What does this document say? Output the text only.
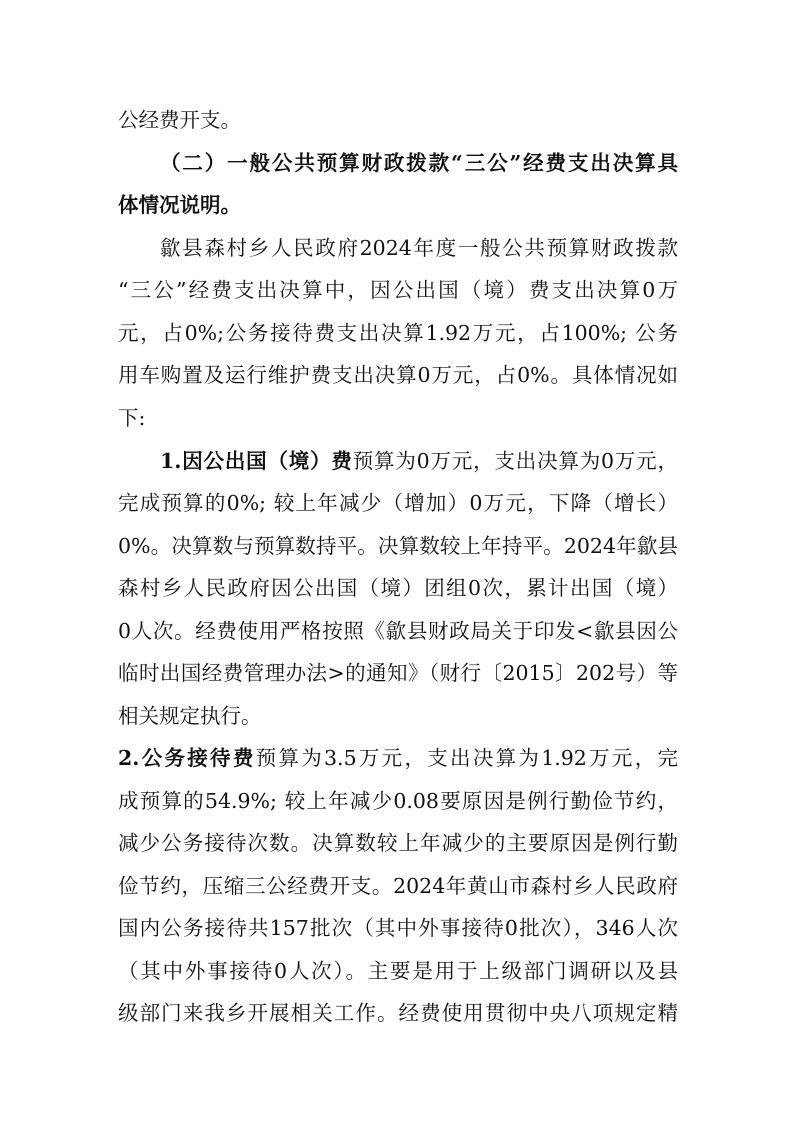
公经费开支。
（二）一般公共预算财政拨款“三公”经费支出决算具
体情况说明。
歙县森村乡人民政府2024年度一般公共预算财政拨款
“三公”经费支出决算中，因公出国（境）费支出决算0万
元，占0%;公务接待费支出决算1.92万元，占100%; 公务
用车购置及运行维护费支出决算0万元，占0%。具体情况如
下:
1.因公出国（境）费预算为0万元，支出决算为0万元，
完成预算的0%; 较上年减少（增加）0万元，下降（增长）
0%。决算数与预算数持平。决算数较上年持平。2024年歙县
森村乡人民政府因公出国（境）团组0次，累计出国（境）
0人次。经费使用严格按照《歙县财政局关于印发<歙县因公
临时出国经费管理办法>的通知》（财行〔2015〕202号）等
相关规定执行。
2.公务接待费预算为3.5万元，支出决算为1.92万元，完
成预算的54.9%; 较上年减少0.08要原因是例行勤俭节约，
减少公务接待次数。决算数较上年减少的主要原因是例行勤
俭节约，压缩三公经费开支。2024年黄山市森村乡人民政府
国内公务接待共157批次（其中外事接待0批次），346人次
（其中外事接待0人次）。主要是用于上级部门调研以及县
级部门来我乡开展相关工作。经费使用贯彻中央八项规定精
